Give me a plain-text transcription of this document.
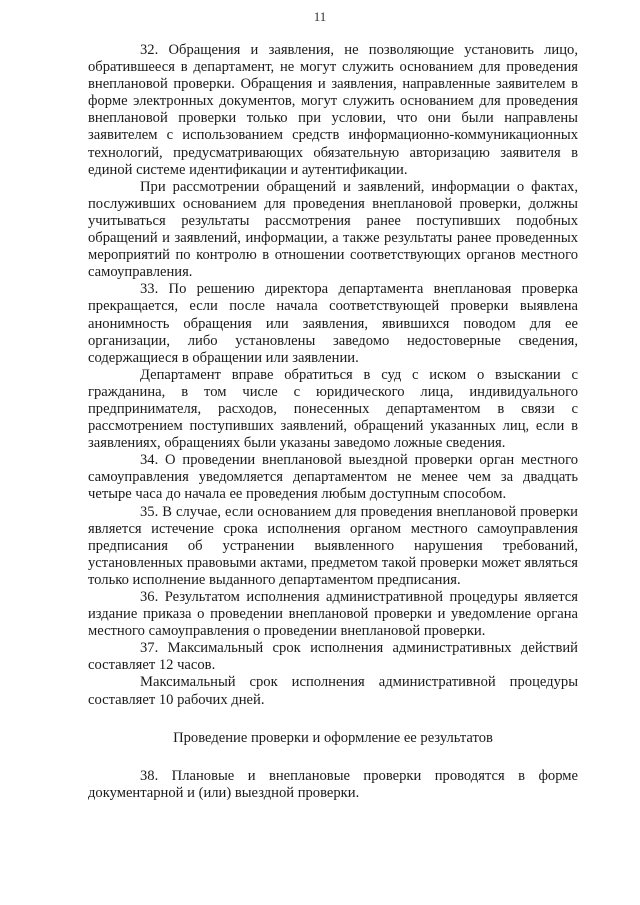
11

32. Обращения и заявления, не позволяющие установить лицо, обратившееся в департамент, не могут служить основанием для проведения внеплановой проверки. Обращения и заявления, направленные заявителем в форме электронных документов, могут служить основанием для проведения внеплановой проверки только при условии, что они были направлены заявителем с использованием средств информационно-коммуникационных технологий, предусматривающих обязательную авторизацию заявителя в единой системе идентификации и аутентификации.

При рассмотрении обращений и заявлений, информации о фактах, послуживших основанием для проведения внеплановой проверки, должны учитываться результаты рассмотрения ранее поступивших подобных обращений и заявлений, информации, а также результаты ранее проведенных мероприятий по контролю в отношении соответствующих органов местного самоуправления.

33. По решению директора департамента внеплановая проверка прекращается, если после начала соответствующей проверки выявлена анонимность обращения или заявления, явившихся поводом для ее организации, либо установлены заведомо недостоверные сведения, содержащиеся в обращении или заявлении.

Департамент вправе обратиться в суд с иском о взыскании с гражданина, в том числе с юридического лица, индивидуального предпринимателя, расходов, понесенных департаментом в связи с рассмотрением поступивших заявлений, обращений указанных лиц, если в заявлениях, обращениях были указаны заведомо ложные сведения.

34. О проведении внеплановой выездной проверки орган местного самоуправления уведомляется департаментом не менее чем за двадцать четыре часа до начала ее проведения любым доступным способом.

35. В случае, если основанием для проведения внеплановой проверки является истечение срока исполнения органом местного самоуправления предписания об устранении выявленного нарушения требований, установленных правовыми актами, предметом такой проверки может являться только исполнение выданного департаментом предписания.

36. Результатом исполнения административной процедуры является издание приказа о проведении внеплановой проверки и уведомление органа местного самоуправления о проведении внеплановой проверки.

37. Максимальный срок исполнения административных действий составляет 12 часов.

Максимальный срок исполнения административной процедуры составляет 10 рабочих дней.

Проведение проверки и оформление ее результатов

38. Плановые и внеплановые проверки проводятся в форме документарной и (или) выездной проверки.
